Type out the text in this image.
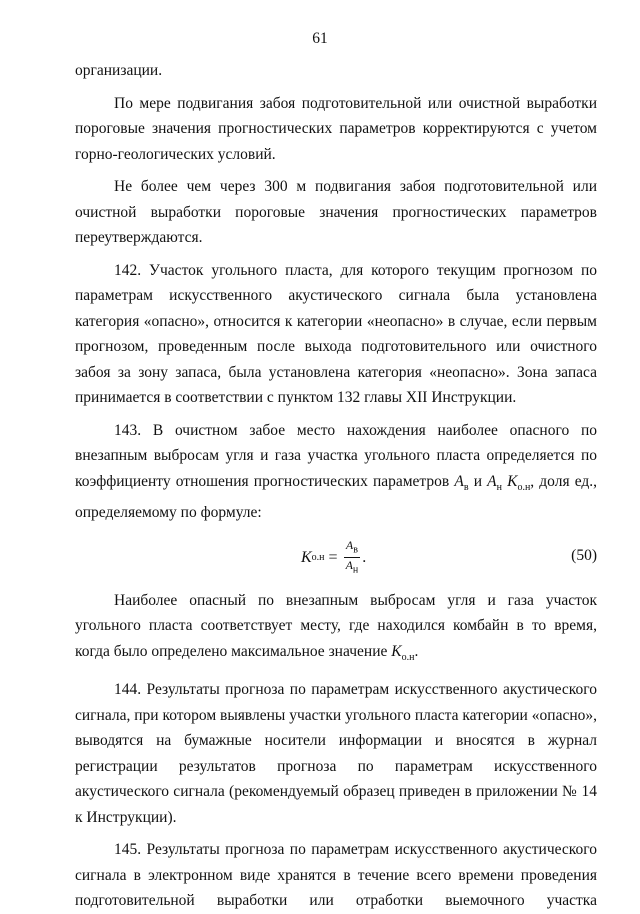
61

организации.

По мере подвигания забоя подготовительной или очистной выработки пороговые значения прогностических параметров корректируются с учетом горно-геологических условий.

Не более чем через 300 м подвигания забоя подготовительной или очистной выработки пороговые значения прогностических параметров переутверждаются.

142. Участок угольного пласта, для которого текущим прогнозом по параметрам искусственного акустического сигнала была установлена категория «опасно», относится к категории «неопасно» в случае, если первым прогнозом, проведенным после выхода подготовительного или очистного забоя за зону запаса, была установлена категория «неопасно». Зона запаса принимается в соответствии с пунктом 132 главы XII Инструкции.

143. В очистном забое место нахождения наиболее опасного по внезапным выбросам угля и газа участка угольного пласта определяется по коэффициенту отношения прогностических параметров $А_в$ и $А_н$ $K_{о.н}$, доля ед., определяемому по формуле:

K $о.н = \frac{А_в}{А_н}$ .	(50)

Наиболее опасный по внезапным выбросам угля и газа участок угольного пласта соответствует месту, где находился комбайн в то время, когда было определено максимальное значение $K_{о.н}$.

144. Результаты прогноза по параметрам искусственного акустического сигнала, при котором выявлены участки угольного пласта категории «опасно», выводятся на бумажные носители информации и вносятся в журнал регистрации результатов прогноза по параметрам искусственного акустического сигнала (рекомендуемый образец приведен в приложении № 14 к Инструкции).

145. Результаты прогноза по параметрам искусственного акустического сигнала в электронном виде хранятся в течение всего времени проведения подготовительной выработки или отработки выемочного участка
